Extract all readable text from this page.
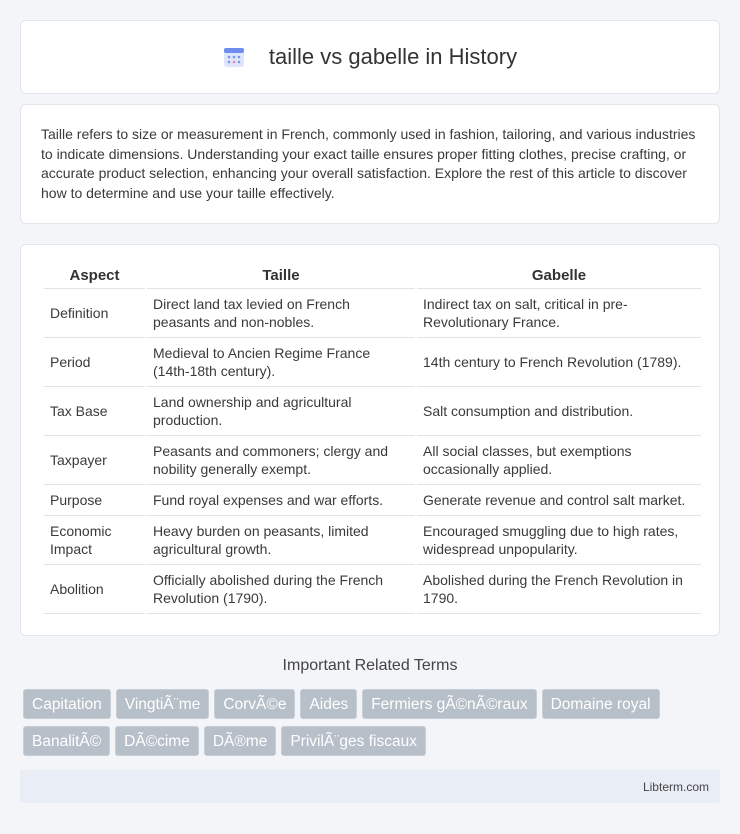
taille vs gabelle in History

Taille refers to size or measurement in French, commonly used in fashion, tailoring, and various industries to indicate dimensions. Understanding your exact taille ensures proper fitting clothes, precise crafting, or accurate product selection, enhancing your overall satisfaction. Explore the rest of this article to discover how to determine and use your taille effectively.

Aspect	Taille	Gabelle
Definition	Direct land tax levied on French peasants and non-nobles.	Indirect tax on salt, critical in pre-Revolutionary France.
Period	Medieval to Ancien Regime France (14th-18th century).	14th century to French Revolution (1789).
Tax Base	Land ownership and agricultural production.	Salt consumption and distribution.
Taxpayer	Peasants and commoners; clergy and nobility generally exempt.	All social classes, but exemptions occasionally applied.
Purpose	Fund royal expenses and war efforts.	Generate revenue and control salt market.
Economic Impact	Heavy burden on peasants, limited agricultural growth.	Encouraged smuggling due to high rates, widespread unpopularity.
Abolition	Officially abolished during the French Revolution (1790).	Abolished during the French Revolution in 1790.
Important Related Terms
Capitation	VingtiÃ¨me	CorvÃ©e	Aides	Fermiers gÃ©nÃ©raux	Domaine royal
BanalitÃ©	DÃ©cime	DÃ®me	PrivilÃ¨ges fiscaux
Libterm.com
